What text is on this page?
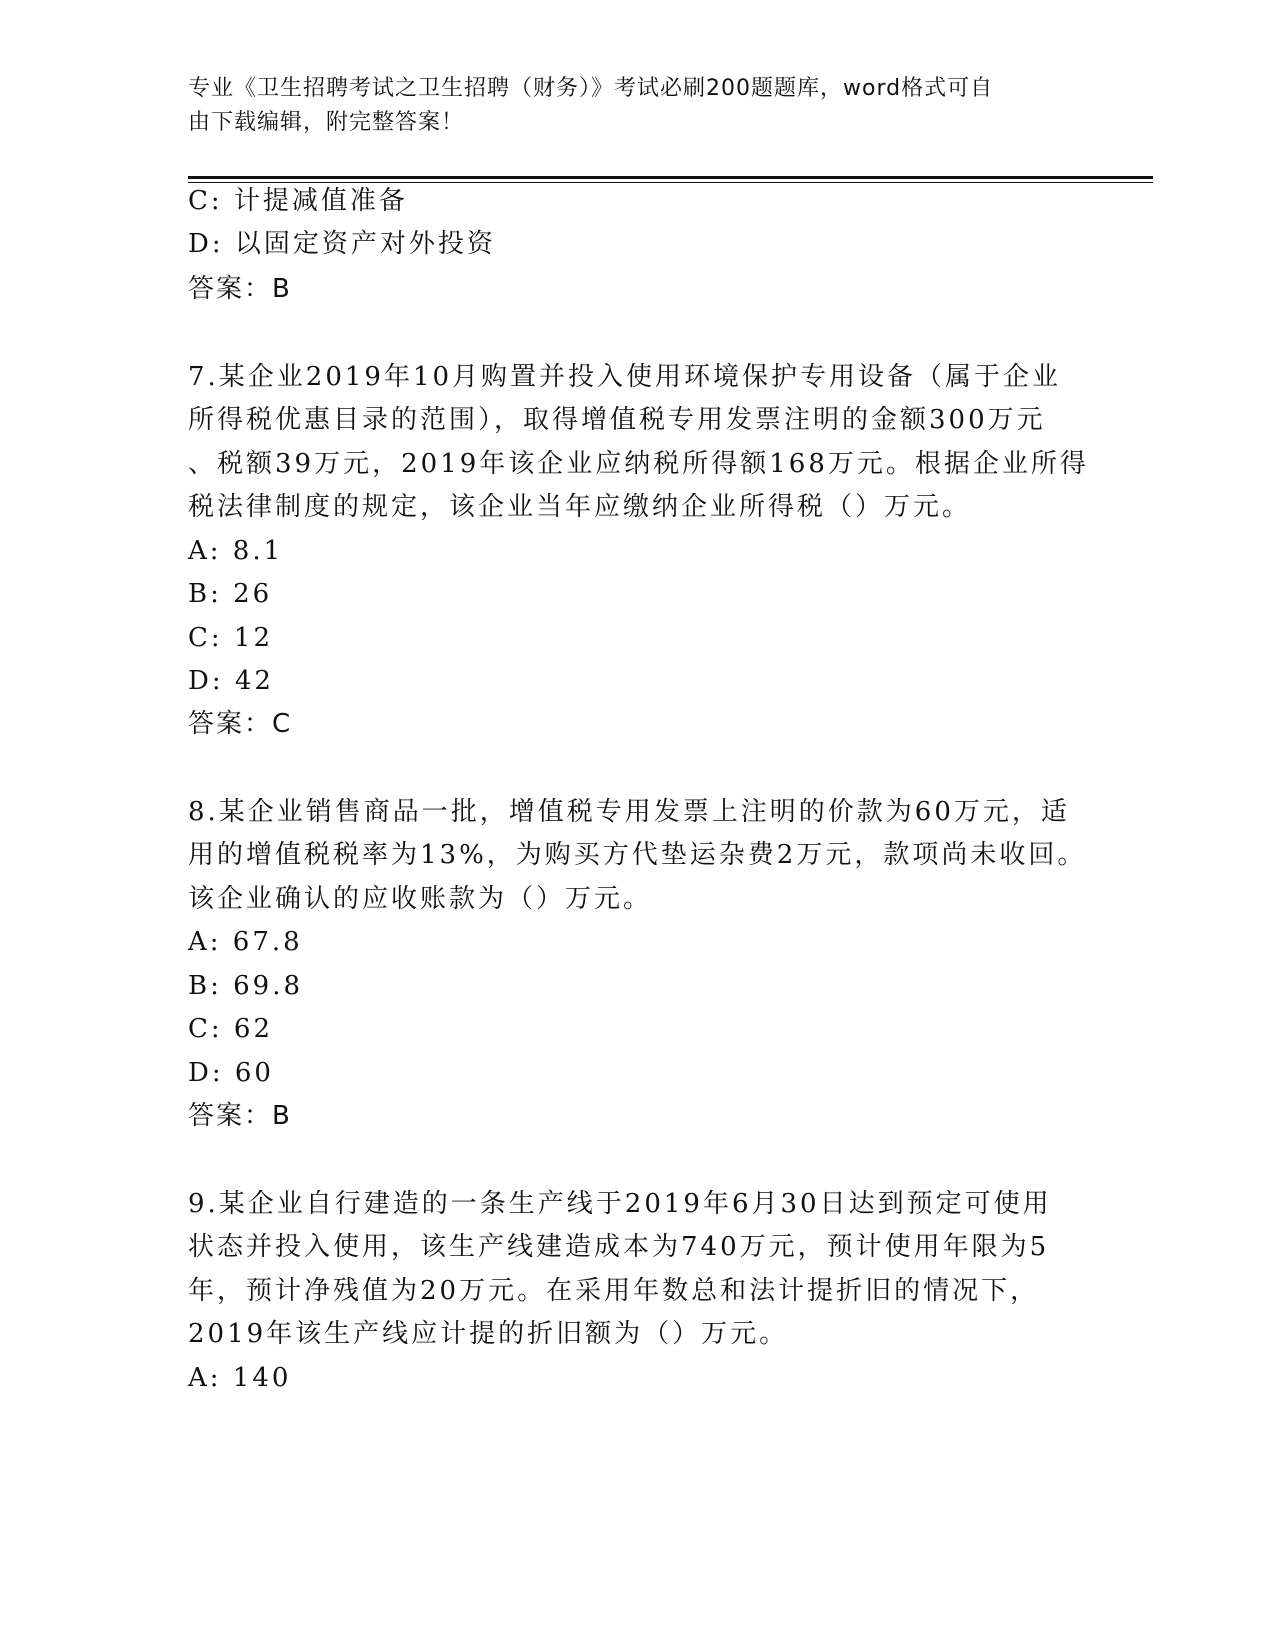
专业《卫生招聘考试之卫生招聘（财务）》考试必刷200题题库，word格式可自
由下载编辑，附完整答案！
C: 计提减值准备
D: 以固定资产对外投资
答案：B
7.某企业2019年10月购置并投入使用环境保护专用设备（属于企业
所得税优惠目录的范围），取得增值税专用发票注明的金额300万元
、税额39万元，2019年该企业应纳税所得额168万元。根据企业所得
税法律制度的规定，该企业当年应缴纳企业所得税（）万元。
A: 8.1
B: 26
C: 12
D: 42
答案：C
8.某企业销售商品一批，增值税专用发票上注明的价款为60万元，适
用的增值税税率为13%，为购买方代垫运杂费2万元，款项尚未收回。
该企业确认的应收账款为（）万元。
A: 67.8
B: 69.8
C: 62
D: 60
答案：B
9.某企业自行建造的一条生产线于2019年6月30日达到预定可使用
状态并投入使用，该生产线建造成本为740万元，预计使用年限为5
年，预计净残值为20万元。在采用年数总和法计提折旧的情况下，
2019年该生产线应计提的折旧额为（）万元。
A: 140
